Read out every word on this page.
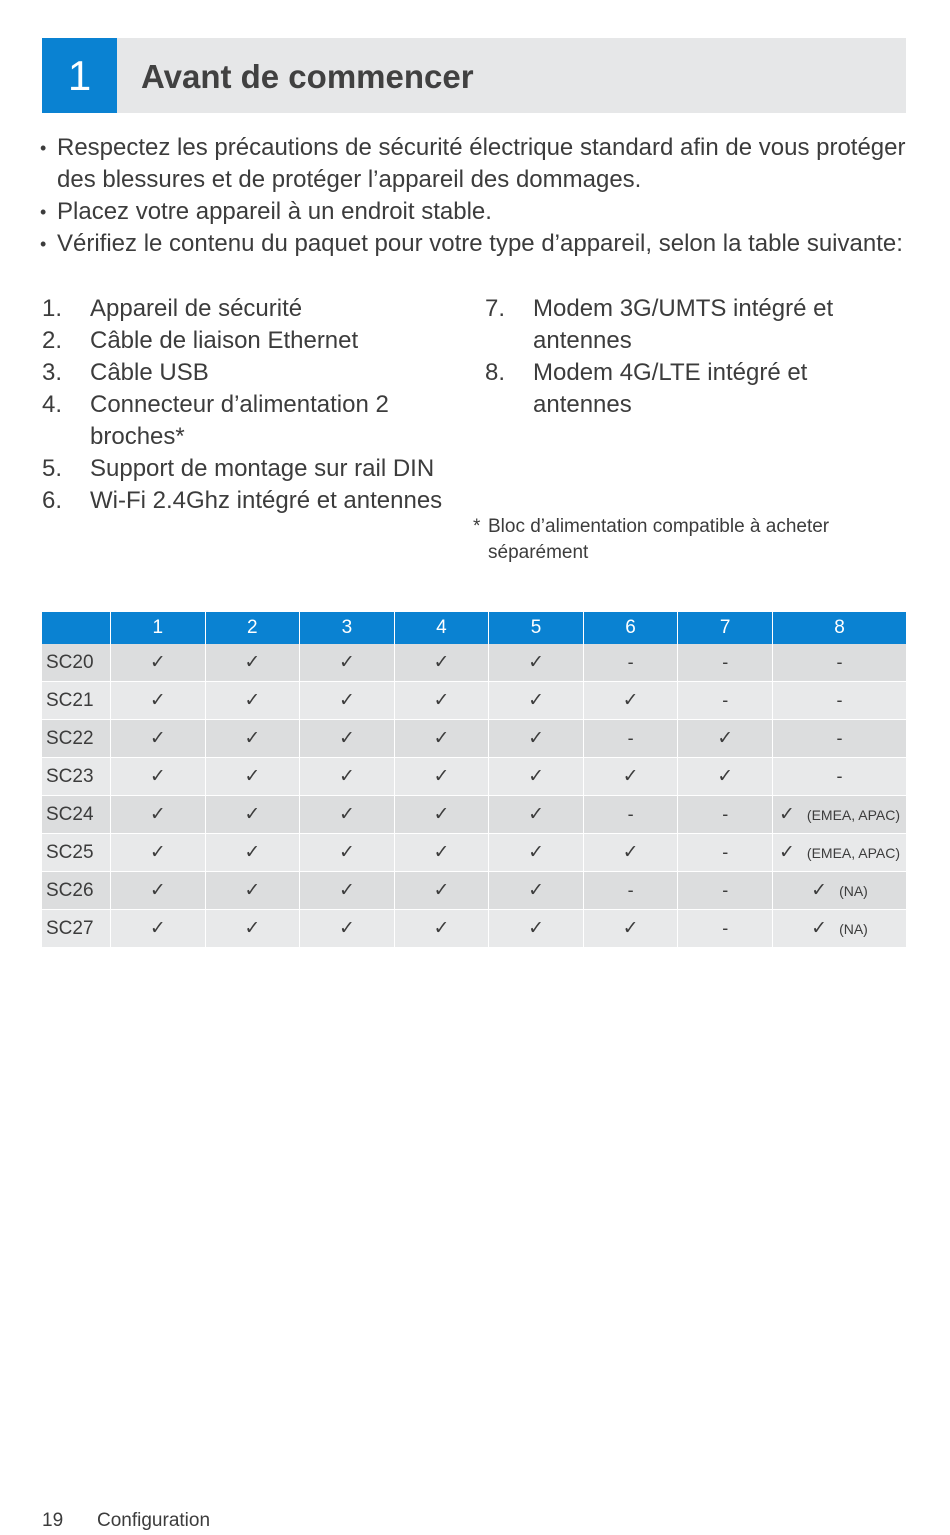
1	Avant de commencer
• Respectez les précautions de sécurité électrique standard afin de vous protéger des blessures et de protéger l’appareil des dommages.
• Placez votre appareil à un endroit stable.
• Vérifiez le contenu du paquet pour votre type d’appareil, selon la table suivante:
1. Appareil de sécurité
2. Câble de liaison Ethernet
3. Câble USB
4. Connecteur d’alimentation 2 broches*
5. Support de montage sur rail DIN
6. Wi-Fi 2.4Ghz intégré et antennes
7. Modem 3G/UMTS intégré et antennes
8. Modem 4G/LTE intégré et antennes
* Bloc d’alimentation compatible à acheter séparément
	1	2	3	4	5	6	7	8
SC20	✓	✓	✓	✓	✓	-	-	-
SC21	✓	✓	✓	✓	✓	✓	-	-
SC22	✓	✓	✓	✓	✓	-	✓	-
SC23	✓	✓	✓	✓	✓	✓	✓	-
SC24	✓	✓	✓	✓	✓	-	-	✓ (EMEA, APAC)
SC25	✓	✓	✓	✓	✓	✓	-	✓ (EMEA, APAC)
SC26	✓	✓	✓	✓	✓	-	-	✓ (NA)
SC27	✓	✓	✓	✓	✓	✓	-	✓ (NA)
19 Configuration
